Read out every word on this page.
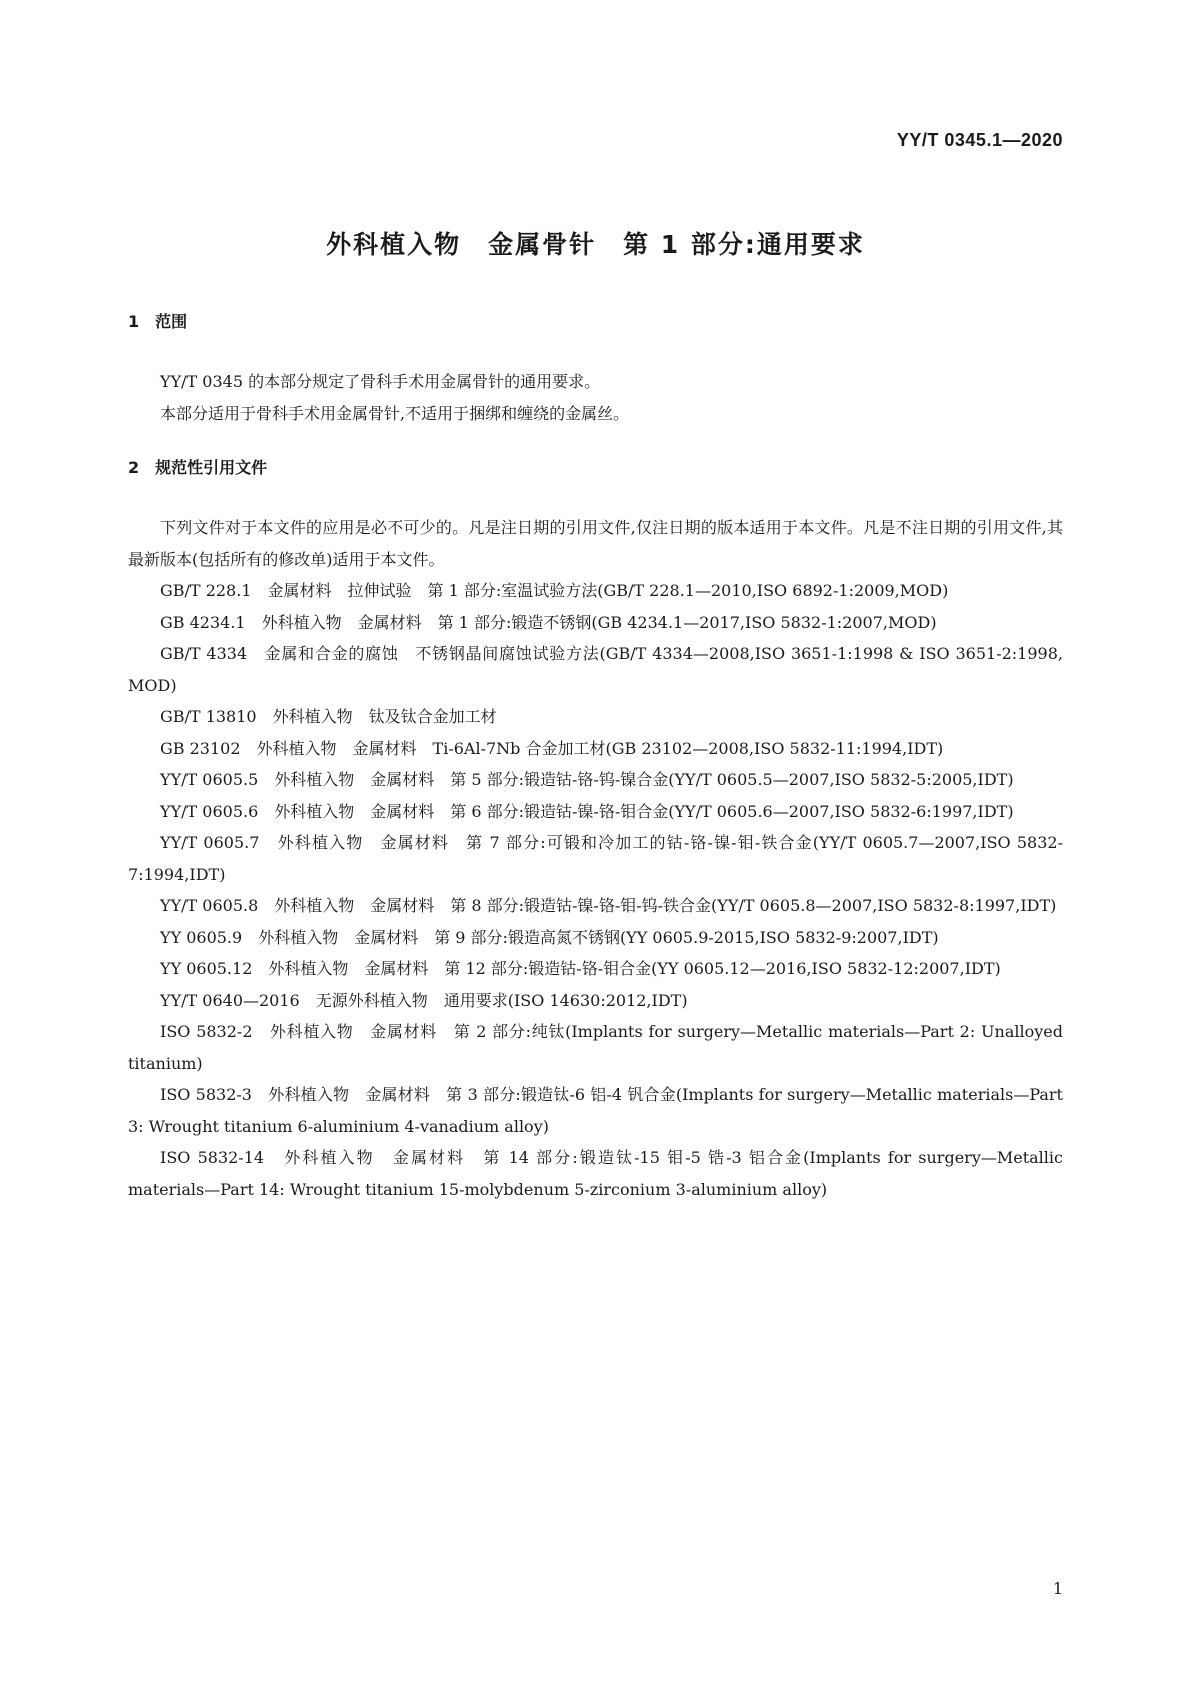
YY/T 0345.1—2020
外科植入物　金属骨针　第 1 部分:通用要求
1　范围

YY/T 0345 的本部分规定了骨科手术用金属骨针的通用要求。

本部分适用于骨科手术用金属骨针,不适用于捆绑和缠绕的金属丝。

2　规范性引用文件

下列文件对于本文件的应用是必不可少的。凡是注日期的引用文件,仅注日期的版本适用于本文件。凡是不注日期的引用文件,其最新版本(包括所有的修改单)适用于本文件。

GB/T 228.1　金属材料　拉伸试验　第 1 部分:室温试验方法(GB/T 228.1—2010,ISO 6892-1:2009,MOD)

GB 4234.1　外科植入物　金属材料　第 1 部分:锻造不锈钢(GB 4234.1—2017,ISO 5832-1:2007,MOD)

GB/T 4334　金属和合金的腐蚀　不锈钢晶间腐蚀试验方法(GB/T 4334—2008,ISO 3651-1:1998 & ISO 3651-2:1998, MOD)

GB/T 13810　外科植入物　钛及钛合金加工材

GB 23102　外科植入物　金属材料　Ti-6Al-7Nb 合金加工材(GB 23102—2008,ISO 5832-11:1994,IDT)

YY/T 0605.5　外科植入物　金属材料　第 5 部分:锻造钴-铬-钨-镍合金(YY/T 0605.5—2007,ISO 5832-5:2005,IDT)

YY/T 0605.6　外科植入物　金属材料　第 6 部分:锻造钴-镍-铬-钼合金(YY/T 0605.6—2007,ISO 5832-6:1997,IDT)

YY/T 0605.7　外科植入物　金属材料　第 7 部分:可锻和冷加工的钴-铬-镍-钼-铁合金(YY/T 0605.7—2007,ISO 5832-7:1994,IDT)

YY/T 0605.8　外科植入物　金属材料　第 8 部分:锻造钴-镍-铬-钼-钨-铁合金(YY/T 0605.8—2007,ISO 5832-8:1997,IDT)

YY 0605.9　外科植入物　金属材料　第 9 部分:锻造高氮不锈钢(YY 0605.9-2015,ISO 5832-9:2007,IDT)

YY 0605.12　外科植入物　金属材料　第 12 部分:锻造钴-铬-钼合金(YY 0605.12—2016,ISO 5832-12:2007,IDT)

YY/T 0640—2016　无源外科植入物　通用要求(ISO 14630:2012,IDT)

ISO 5832-2　外科植入物　金属材料　第 2 部分:纯钛(Implants for surgery—Metallic materials—Part 2: Unalloyed titanium)

ISO 5832-3　外科植入物　金属材料　第 3 部分:锻造钛-6 铝-4 钒合金(Implants for surgery—Metallic materials—Part 3: Wrought titanium 6-aluminium 4-vanadium alloy)

ISO 5832-14　外科植入物　金属材料　第 14 部分:锻造钛-15 钼-5 锆-3 铝合金(Implants for surgery—Metallic materials—Part 14: Wrought titanium 15-molybdenum 5-zirconium 3-aluminium alloy)

1
